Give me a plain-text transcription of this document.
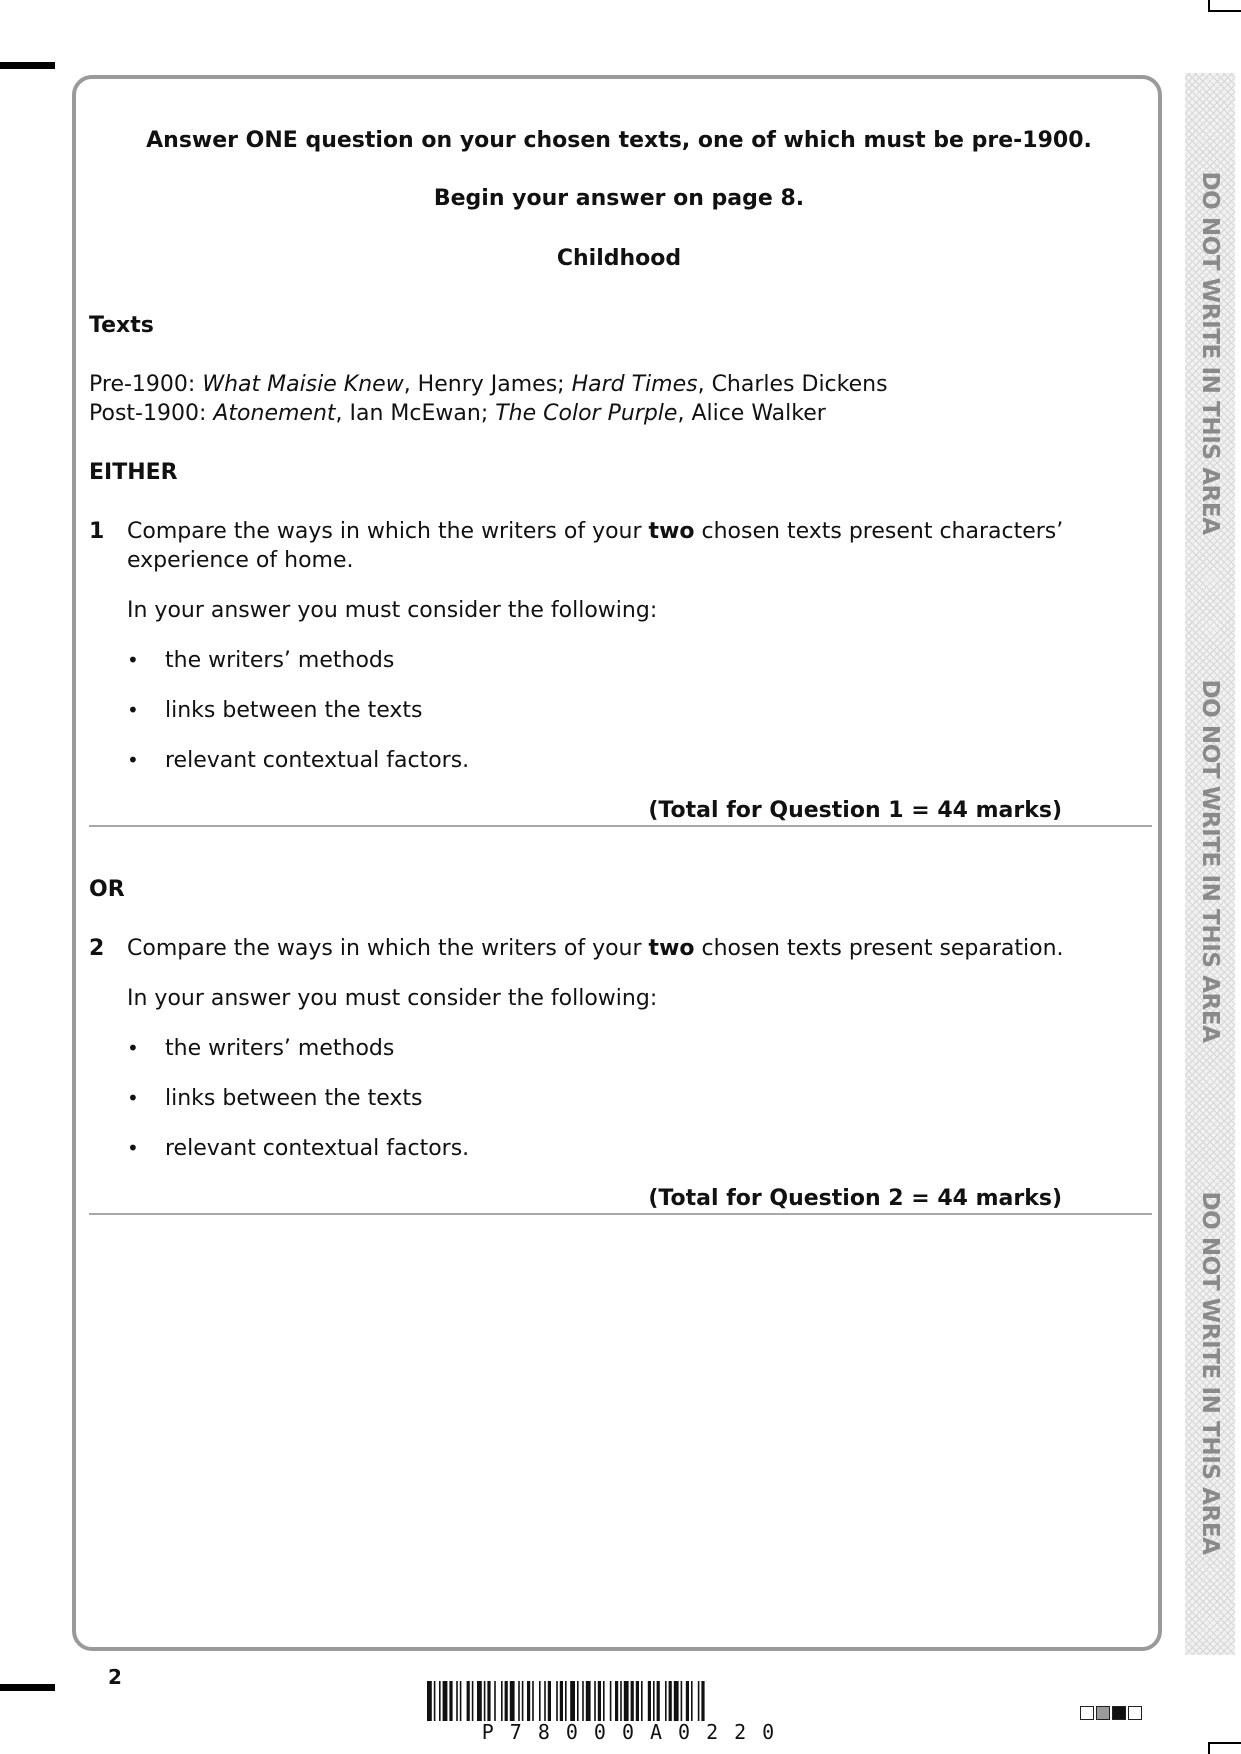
DO NOT WRITE IN THIS AREA
DO NOT WRITE IN THIS AREA
DO NOT WRITE IN THIS AREA
Answer ONE question on your chosen texts, one of which must be pre-1900.
Begin your answer on page 8.
Childhood
Texts
Pre-1900: What Maisie Knew, Henry James; Hard Times, Charles Dickens
Post-1900: Atonement, Ian McEwan; The Color Purple, Alice Walker
EITHER
1 Compare the ways in which the writers of your two chosen texts present characters’
experience of home.
In your answer you must consider the following:
• the writers’ methods
• links between the texts
• relevant contextual factors.
(Total for Question 1 = 44 marks)
OR
2 Compare the ways in which the writers of your two chosen texts present separation.
In your answer you must consider the following:
• the writers’ methods
• links between the texts
• relevant contextual factors.
(Total for Question 2 = 44 marks)
2
P78000A0220
